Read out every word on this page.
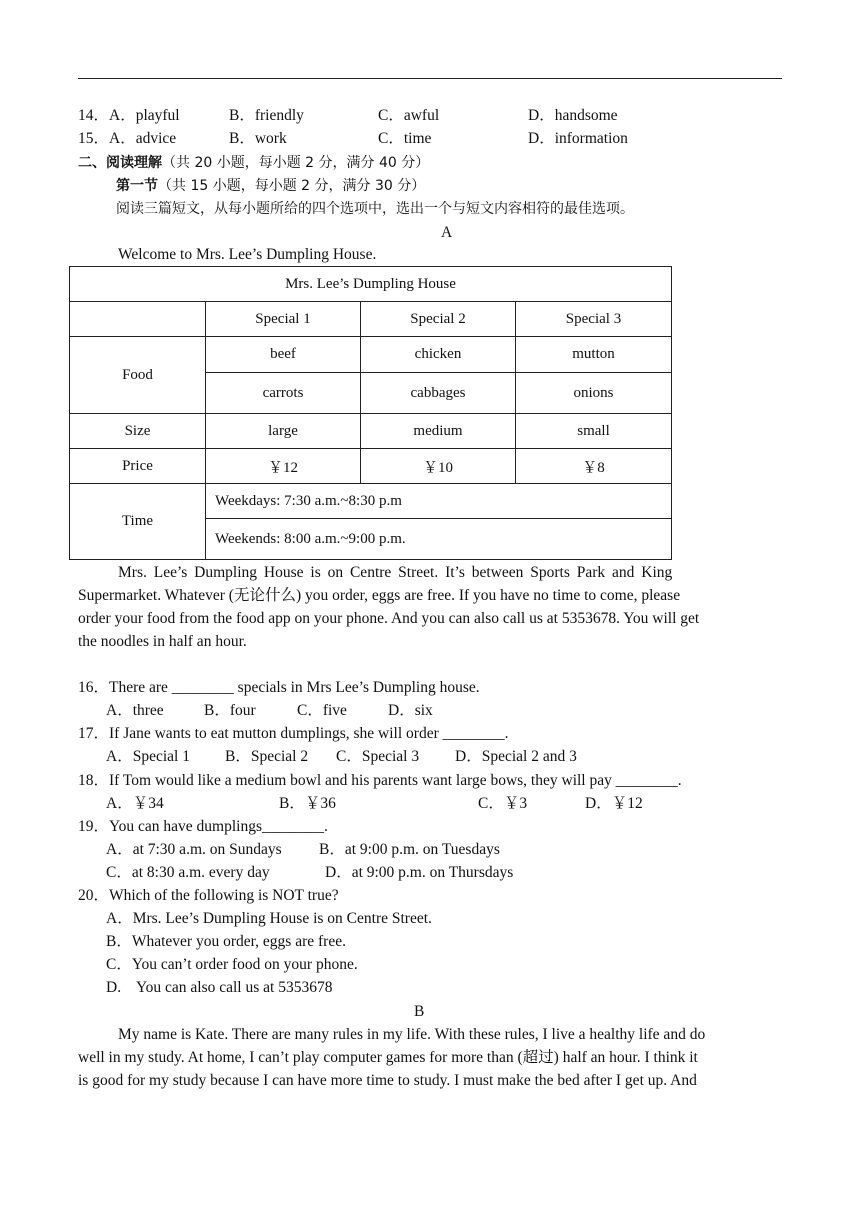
14．A．playful	B．friendly	C．awful	D．handsome
15．A．advice	B．work	C．time	D．information
二、阅读理解（共 20 小题，每小题 2 分，满分 40 分）
第一节（共 15 小题，每小题 2 分，满分 30 分）
阅读三篇短文，从每小题所给的四个选项中，选出一个与短文内容相符的最佳选项。
A
Welcome to Mrs. Lee’s Dumpling House.
Mrs. Lee’s Dumpling House			
	Special 1	Special 2	Special 3
Food	beef	chicken	mutton
	carrots	cabbages	onions
Size	large	medium	small
Price	￥12	￥10	￥8
Time	Weekdays: 7:30 a.m.~8:30 p.m		
	Weekends: 8:00 a.m.~9:00 p.m.		
Mrs. Lee’s Dumpling House is on Centre Street. It’s between Sports Park and King
Supermarket. Whatever (无论什么) you order, eggs are free. If you have no time to come, please
order your food from the food app on your phone. And you can also call us at 5353678. You will get
the noodles in half an hour.
16．There are ________ specials in Mrs Lee’s Dumpling house.
A．three	B．four	C．five	D．six
17．If Jane wants to eat mutton dumplings, she will order ________.
A．Special 1 B．Special 2 C．Special 3 D．Special 2 and 3
18．If Tom would like a medium bowl and his parents want large bows, they will pay ________.
A．￥34	B．￥36	C．￥3	D．￥12
19．You can have dumplings________.
A．at 7:30 a.m. on Sundays B．at 9:00 p.m. on Tuesdays
C．at 8:30 a.m. every day	D．at 9:00 p.m. on Thursdays
20．Which of the following is NOT true?
A．Mrs. Lee’s Dumpling House is on Centre Street.
B．Whatever you order, eggs are free.
C．You can’t order food on your phone.
D.    You can also call us at 5353678
B
My name is Kate. There are many rules in my life. With these rules, I live a healthy life and do
well in my study. At home, I can’t play computer games for more than (超过) half an hour. I think it
is good for my study because I can have more time to study. I must make the bed after I get up. And
